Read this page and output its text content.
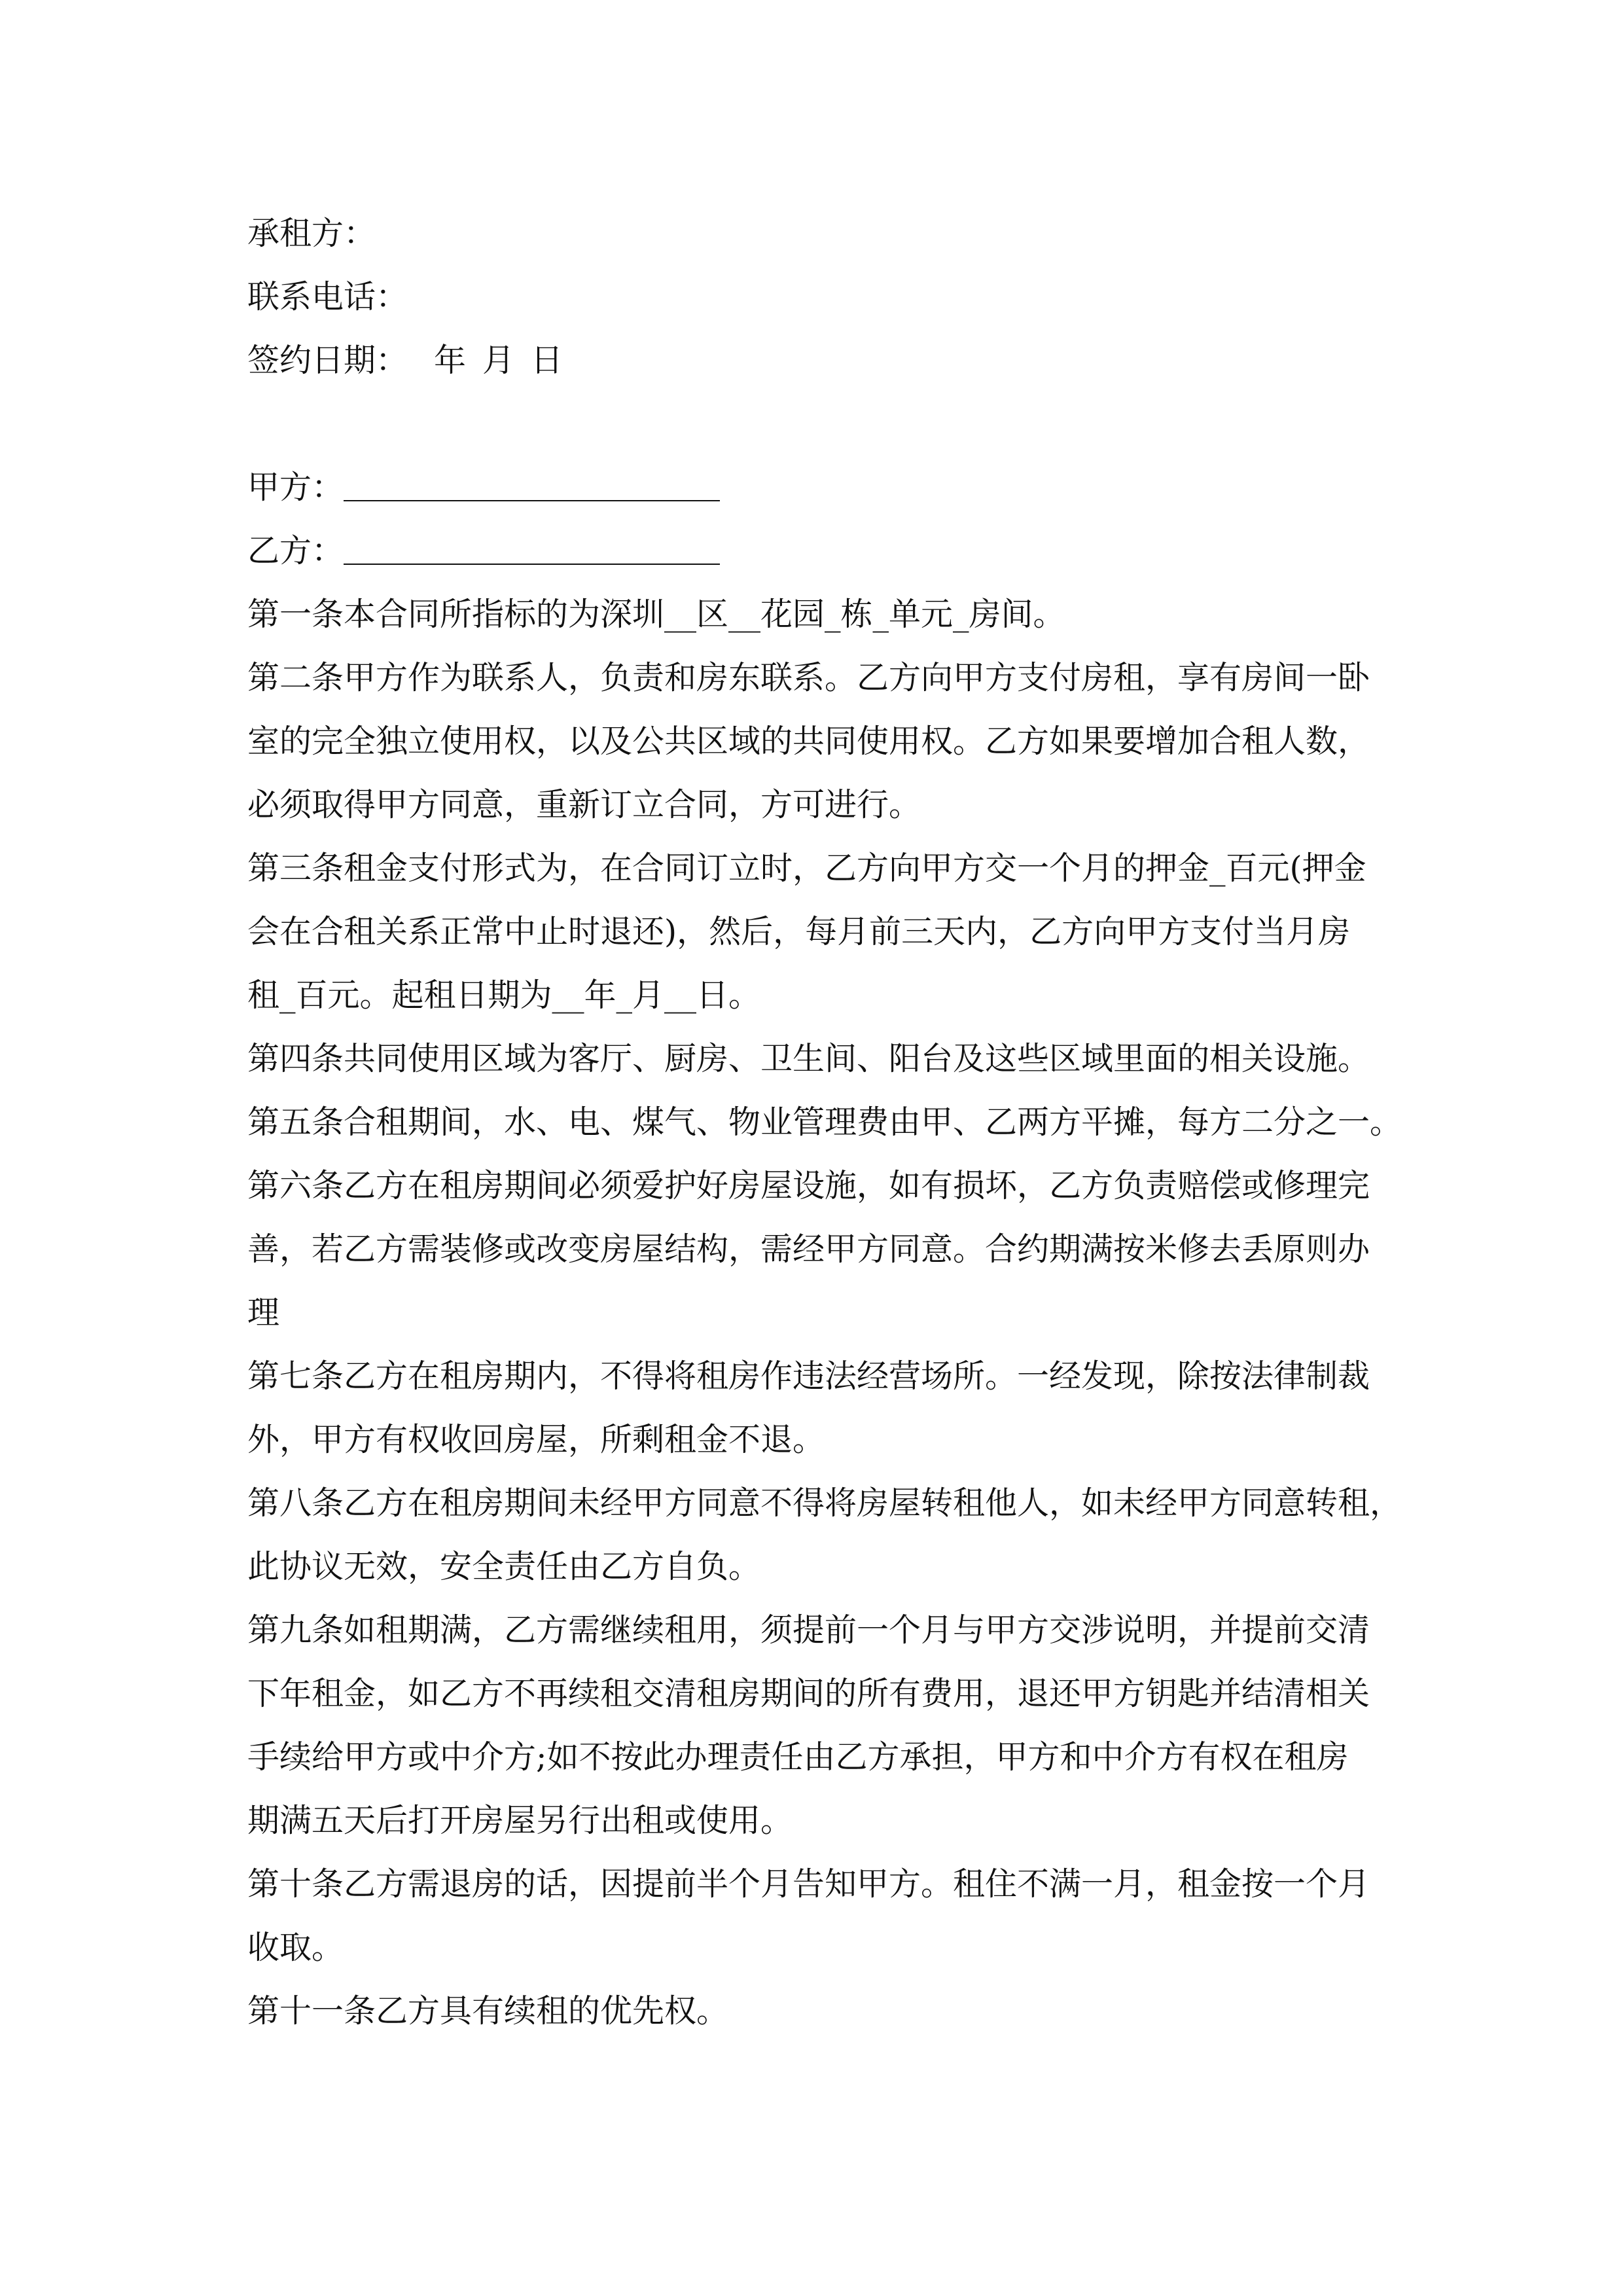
承租方：
联系电话：
签约日期： 年 月 日
甲方：
乙方：
第一条本合同所指标的为深圳__区__花园_栋_单元_房间。
第二条甲方作为联系人，负责和房东联系。乙方向甲方支付房租，享有房间一卧
室的完全独立使用权，以及公共区域的共同使用权。乙方如果要增加合租人数，
必须取得甲方同意，重新订立合同，方可进行。
第三条租金支付形式为，在合同订立时，乙方向甲方交一个月的押金_百元(押金
会在合租关系正常中止时退还)，然后，每月前三天内，乙方向甲方支付当月房
租_百元。起租日期为__年_月__日。
第四条共同使用区域为客厅、厨房、卫生间、阳台及这些区域里面的相关设施。
第五条合租期间，水、电、煤气、物业管理费由甲、乙两方平摊，每方二分之一。
第六条乙方在租房期间必须爱护好房屋设施，如有损坏，乙方负责赔偿或修理完
善，若乙方需装修或改变房屋结构，需经甲方同意。合约期满按米修去丢原则办
理
第七条乙方在租房期内，不得将租房作违法经营场所。一经发现，除按法律制裁
外，甲方有权收回房屋，所剩租金不退。
第八条乙方在租房期间未经甲方同意不得将房屋转租他人，如未经甲方同意转租，
此协议无效，安全责任由乙方自负。
第九条如租期满，乙方需继续租用，须提前一个月与甲方交涉说明，并提前交清
下年租金，如乙方不再续租交清租房期间的所有费用，退还甲方钥匙并结清相关
手续给甲方或中介方;如不按此办理责任由乙方承担，甲方和中介方有权在租房
期满五天后打开房屋另行出租或使用。
第十条乙方需退房的话，因提前半个月告知甲方。租住不满一月，租金按一个月
收取。
第十一条乙方具有续租的优先权。
